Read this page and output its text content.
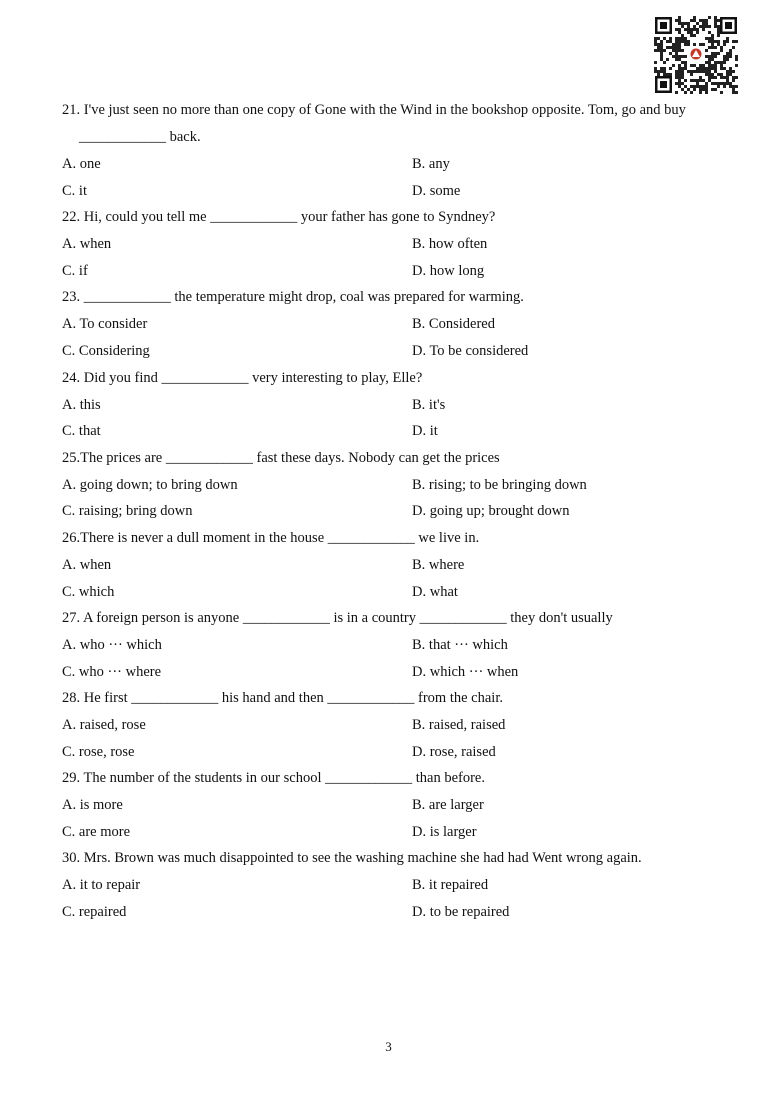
21. I've just seen no more than one copy of Gone with the Wind in the bookshop opposite. Tom, go and buy ____________ back.
A. one	B. any
C. it	D. some
22. Hi, could you tell me ____________ your father has gone to Syndney?
A. when	B. how often
C. if	D. how long
23. ____________ the temperature might drop, coal was prepared for warming.
A. To consider	B. Considered
C. Considering	D. To be considered
24. Did you find ____________ very interesting to play, Elle?
A. this	B. it's
C. that	D. it
25.The prices are ____________ fast these days. Nobody can get the prices
A. going down; to bring down	B. rising; to be bringing down
C. raising; bring down	D. going up; brought down
26.There is never a dull moment in the house ____________ we live in.
A. when	B. where
C. which	D. what
27. A foreign person is anyone ____________ is in a country ____________ they don't usually
A. who ··· which	B. that ··· which
C. who ··· where	D. which ··· when
28. He first ____________ his hand and then ____________ from the chair.
A. raised, rose	B. raised, raised
C. rose, rose	D. rose, raised
29. The number of the students in our school ____________ than before.
A. is more	B. are larger
C. are more	D. is larger
30. Mrs. Brown was much disappointed to see the washing machine she had had Went wrong again.
A. it to repair	B. it repaired
C. repaired	D. to be repaired
3
